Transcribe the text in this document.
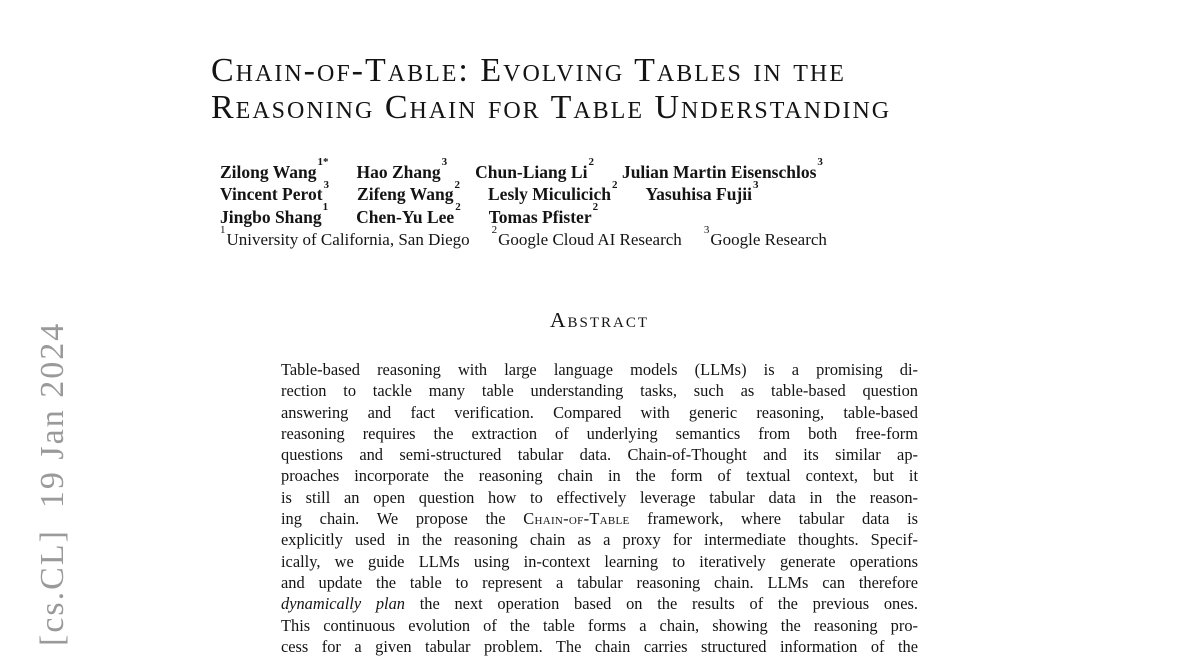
[cs.CL]  19 Jan 2024
Chain-of-Table: Evolving Tables in the
Reasoning Chain for Table Understanding
Zilong Wang$^{1*}$ Hao Zhang$^3$ Chun-Liang Li$^2$ Julian Martin Eisenschlos$^3$
Vincent Perot$^3$ Zifeng Wang$^2$ Lesly Miculicich$^2$ Yasuhisa Fujii$^3$
Jingbo Shang$^1$ Chen-Yu Lee$^2$ Tomas Pfister$^2$
$^1$University of California, San Diego$^2$Google Cloud AI Research$^3$Google Research
Abstract
Table-based reasoning with large language models (LLMs) is a promising di-
rection to tackle many table understanding tasks, such as table-based question
answering and fact verification. Compared with generic reasoning, table-based
reasoning requires the extraction of underlying semantics from both free-form
questions and semi-structured tabular data. Chain-of-Thought and its similar ap-
proaches incorporate the reasoning chain in the form of textual context, but it
is still an open question how to effectively leverage tabular data in the reason-
ing chain. We propose the Chain-of-Table framework, where tabular data is
explicitly used in the reasoning chain as a proxy for intermediate thoughts. Specif-
ically, we guide LLMs using in-context learning to iteratively generate operations
and update the table to represent a tabular reasoning chain. LLMs can therefore
dynamically plan the next operation based on the results of the previous ones.
This continuous evolution of the table forms a chain, showing the reasoning pro-
cess for a given tabular problem. The chain carries structured information of the
